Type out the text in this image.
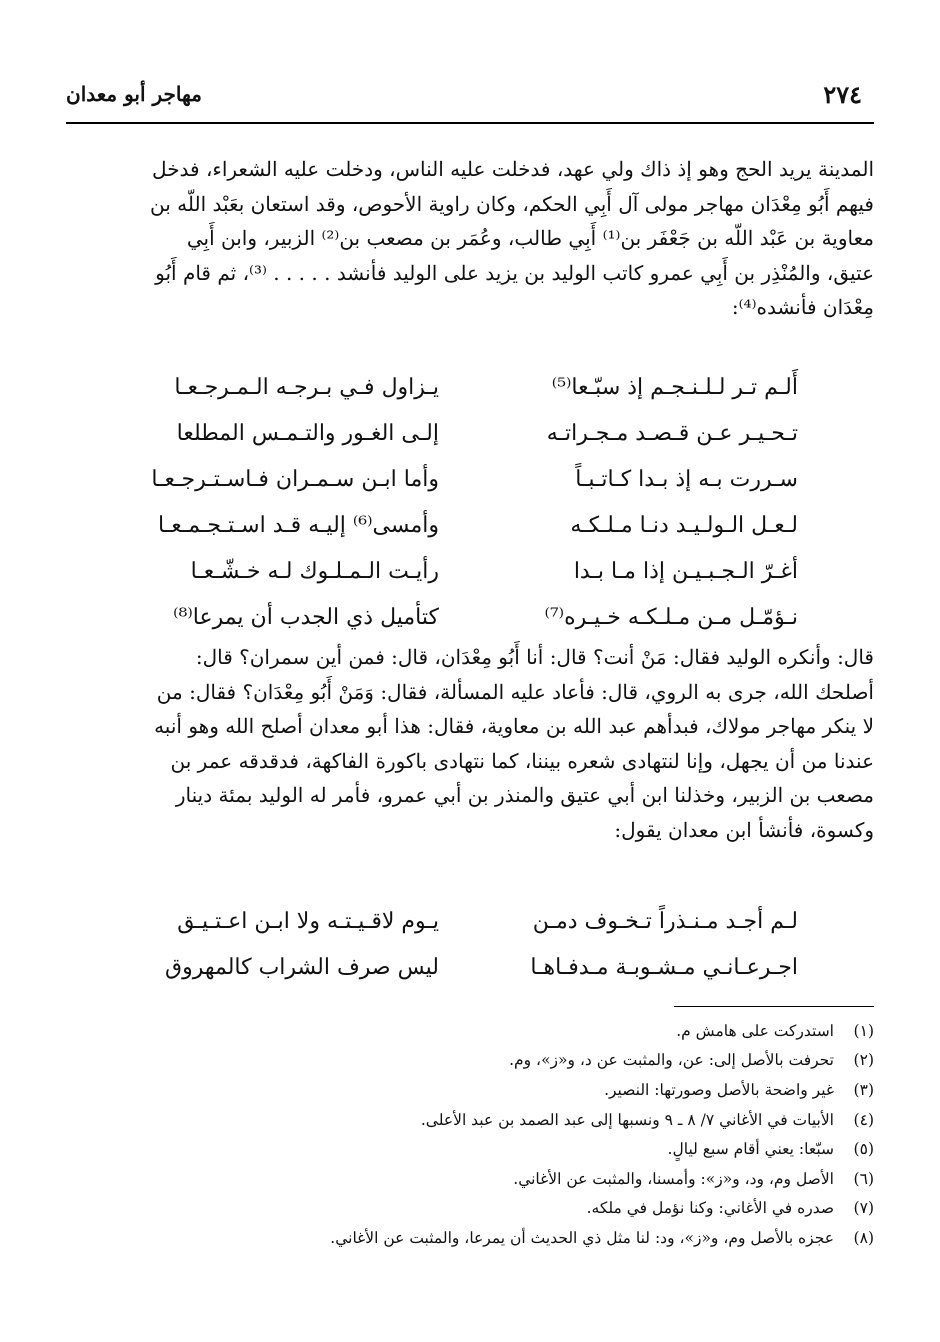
٢٧٤
مهاجر أبو معدان

المدينة يريد الحج وهو إذ ذاك ولي عهد، فدخلت عليه الناس، ودخلت عليه الشعراء، فدخل

فيهم أَبُو مِعْدَان مهاجر مولى آل أَبِي الحكم، وكان راوية الأحوص، وقد استعان بعَبْد اللّه بن

معاوية بن عَبْد اللّه بن جَعْفَر بن⁽¹⁾ أَبِي طالب، وعُمَر بن مصعب بن⁽²⁾ الزبير، وابن أَبِي

عتيق، والمُنْذِر بن أَبِي عمرو كاتب الوليد بن يزيد على الوليد فأنشد . . . . . ⁽³⁾، ثم قام أَبُو

مِعْدَان فأنشده⁽⁴⁾:

أَلـم تـر لـلـنـجـم إذ سبّـعا⁽⁵⁾
يـزاول فـي بـرجـه الـمـرجـعـا
تـحـيـر عـن قـصـد مـجـراتـه
إلـى الغـور والتـمـس المطلعا
سـررت بـه إذ بـدا كـاتـبـاً
وأما ابـن سـمـران فـاسـتـرجـعـا
لـعـل الـولـيـد دنـا مـلـكـه
وأمسى⁽⁶⁾ إليـه قـد اسـتـجـمـعـا
أغـرّ الـجـبـيـن إذا مـا بـدا
رأيـت الـمـلـوك لـه خـشّـعـا
نـؤمّـل مـن مـلـكـه خـيـره⁽⁷⁾
كتأميل ذي الجدب أن يمرعا⁽⁸⁾

قال: وأنكره الوليد فقال: مَنْ أنت؟ قال: أنا أَبُو مِعْدَان، قال: فمن أين سمران؟ قال:

أصلحك الله، جرى به الروي، قال: فأعاد عليه المسألة، فقال: وَمَنْ أَبُو مِعْدَان؟ فقال: من

لا ينكر مهاجر مولاك، فبدأهم عبد الله بن معاوية، فقال: هذا أبو معدان أصلح الله وهو أنبه

عندنا من أن يجهل، وإنا لنتهادى شعره بيننا، كما نتهادى باكورة الفاكهة، فدقدقه عمر بن

مصعب بن الزبير، وخذلنا ابن أبي عتيق والمنذر بن أبي عمرو، فأمر له الوليد بمئة دينار

وكسوة، فأنشأ ابن معدان يقول:

لـم أجـد مـنـذراً تـخـوف دمـن
يـوم لاقـيـتـه ولا ابـن اعـتـيـق
اجـرعـانـي مـشـوبـة مـدفـاهـا
ليس صرف الشراب كالمهروق
(١)
استدركت على هامش م.
(٢)
تحرفت بالأصل إلى: عن، والمثبت عن د، و«ز»، وم.
(٣)
غير واضحة بالأصل وصورتها: النصير.
(٤)
الأبيات في الأغاني ٧/ ٨ ـ ٩ ونسبها إلى عبد الصمد بن عبد الأعلى.
(٥)
سبّعا: يعني أقام سبع ليالٍ.
(٦)
الأصل وم، ود، و«ز»: وأمسنا، والمثبت عن الأغاني.
(٧)
صدره في الأغاني: وكنا نؤمل في ملكه.
(٨)
عجزه بالأصل وم، و«ز»، ود: لنا مثل ذي الحديث أن يمرعا، والمثبت عن الأغاني.
